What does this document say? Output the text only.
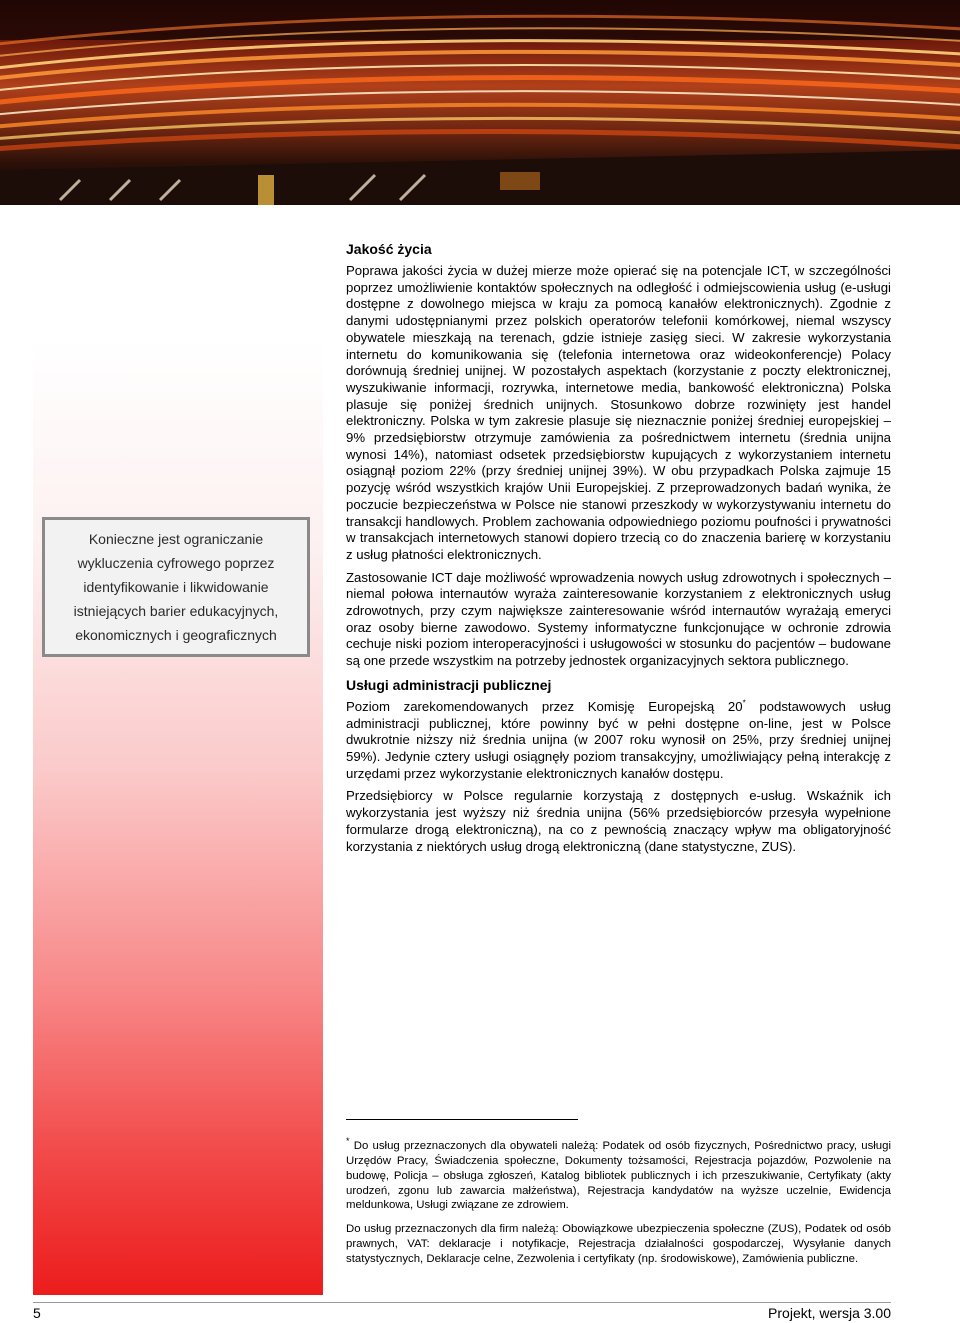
Konieczne jest ograniczanie wykluczenia cyfrowego poprzez identyfikowanie i likwidowanie istniejących barier edukacyjnych, ekonomicznych i geograficznych

Jakość życia

Poprawa jakości życia w dużej mierze może opierać się na potencjale ICT, w szczególności poprzez umożliwienie kontaktów społecznych na odległość i odmiejscowienia usług (e-usługi dostępne z dowolnego miejsca w kraju za pomocą kanałów elektronicznych). Zgodnie z danymi udostępnianymi przez polskich operatorów telefonii komórkowej, niemal wszyscy obywatele mieszkają na terenach, gdzie istnieje zasięg sieci. W zakresie wykorzystania internetu do komunikowania się (telefonia internetowa oraz wideokonferencje) Polacy dorównują średniej unijnej. W pozostałych aspektach (korzystanie z poczty elektronicznej, wyszukiwanie informacji, rozrywka, internetowe media, bankowość elektroniczna) Polska plasuje się poniżej średnich unijnych. Stosunkowo dobrze rozwinięty jest handel elektroniczny. Polska w tym zakresie plasuje się nieznacznie poniżej średniej europejskiej – 9% przedsiębiorstw otrzymuje zamówienia za pośrednictwem internetu (średnia unijna wynosi 14%), natomiast odsetek przedsiębiorstw kupujących z wykorzystaniem internetu osiągnął poziom 22% (przy średniej unijnej 39%). W obu przypadkach Polska zajmuje 15 pozycję wśród wszystkich krajów Unii Europejskiej. Z przeprowadzonych badań wynika, że poczucie bezpieczeństwa w Polsce nie stanowi przeszkody w wykorzystywaniu internetu do transakcji handlowych. Problem zachowania odpowiedniego poziomu poufności i prywatności w transakcjach internetowych stanowi dopiero trzecią co do znaczenia barierę w korzystaniu z usług płatności elektronicznych.

Zastosowanie ICT daje możliwość wprowadzenia nowych usług zdrowotnych i społecznych – niemal połowa internautów wyraża zainteresowanie korzystaniem z elektronicznych usług zdrowotnych, przy czym największe zainteresowanie wśród internautów wyrażają emeryci oraz osoby bierne zawodowo. Systemy informatyczne funkcjonujące w ochronie zdrowia cechuje niski poziom interoperacyjności i usługowości w stosunku do pacjentów – budowane są one przede wszystkim na potrzeby jednostek organizacyjnych sektora publicznego.

Usługi administracji publicznej

Poziom zarekomendowanych przez Komisję Europejską 20* podstawowych usług administracji publicznej, które powinny być w pełni dostępne on-line, jest w Polsce dwukrotnie niższy niż średnia unijna (w 2007 roku wynosił on 25%, przy średniej unijnej 59%). Jedynie cztery usługi osiągnęły poziom transakcyjny, umożliwiający pełną interakcję z urzędami przez wykorzystanie elektronicznych kanałów dostępu.

Przedsiębiorcy w Polsce regularnie korzystają z dostępnych e-usług. Wskaźnik ich wykorzystania jest wyższy niż średnia unijna (56% przedsiębiorców przesyła wypełnione formularze drogą elektroniczną), na co z pewnością znaczący wpływ ma obligatoryjność korzystania z niektórych usług drogą elektroniczną (dane statystyczne, ZUS).

* Do usług przeznaczonych dla obywateli należą: Podatek od osób fizycznych, Pośrednictwo pracy, usługi Urzędów Pracy, Świadczenia społeczne, Dokumenty tożsamości, Rejestracja pojazdów, Pozwolenie na budowę, Policja – obsługa zgłoszeń, Katalog bibliotek publicznych i ich przeszukiwanie, Certyfikaty (akty urodzeń, zgonu lub zawarcia małżeństwa), Rejestracja kandydatów na wyższe uczelnie, Ewidencja meldunkowa, Usługi związane ze zdrowiem.

Do usług przeznaczonych dla firm należą: Obowiązkowe ubezpieczenia społeczne (ZUS), Podatek od osób prawnych, VAT: deklaracje i notyfikacje, Rejestracja działalności gospodarczej, Wysyłanie danych statystycznych, Deklaracje celne, Zezwolenia i certyfikaty (np. środowiskowe), Zamówienia publiczne.

5	Projekt, wersja 3.00
